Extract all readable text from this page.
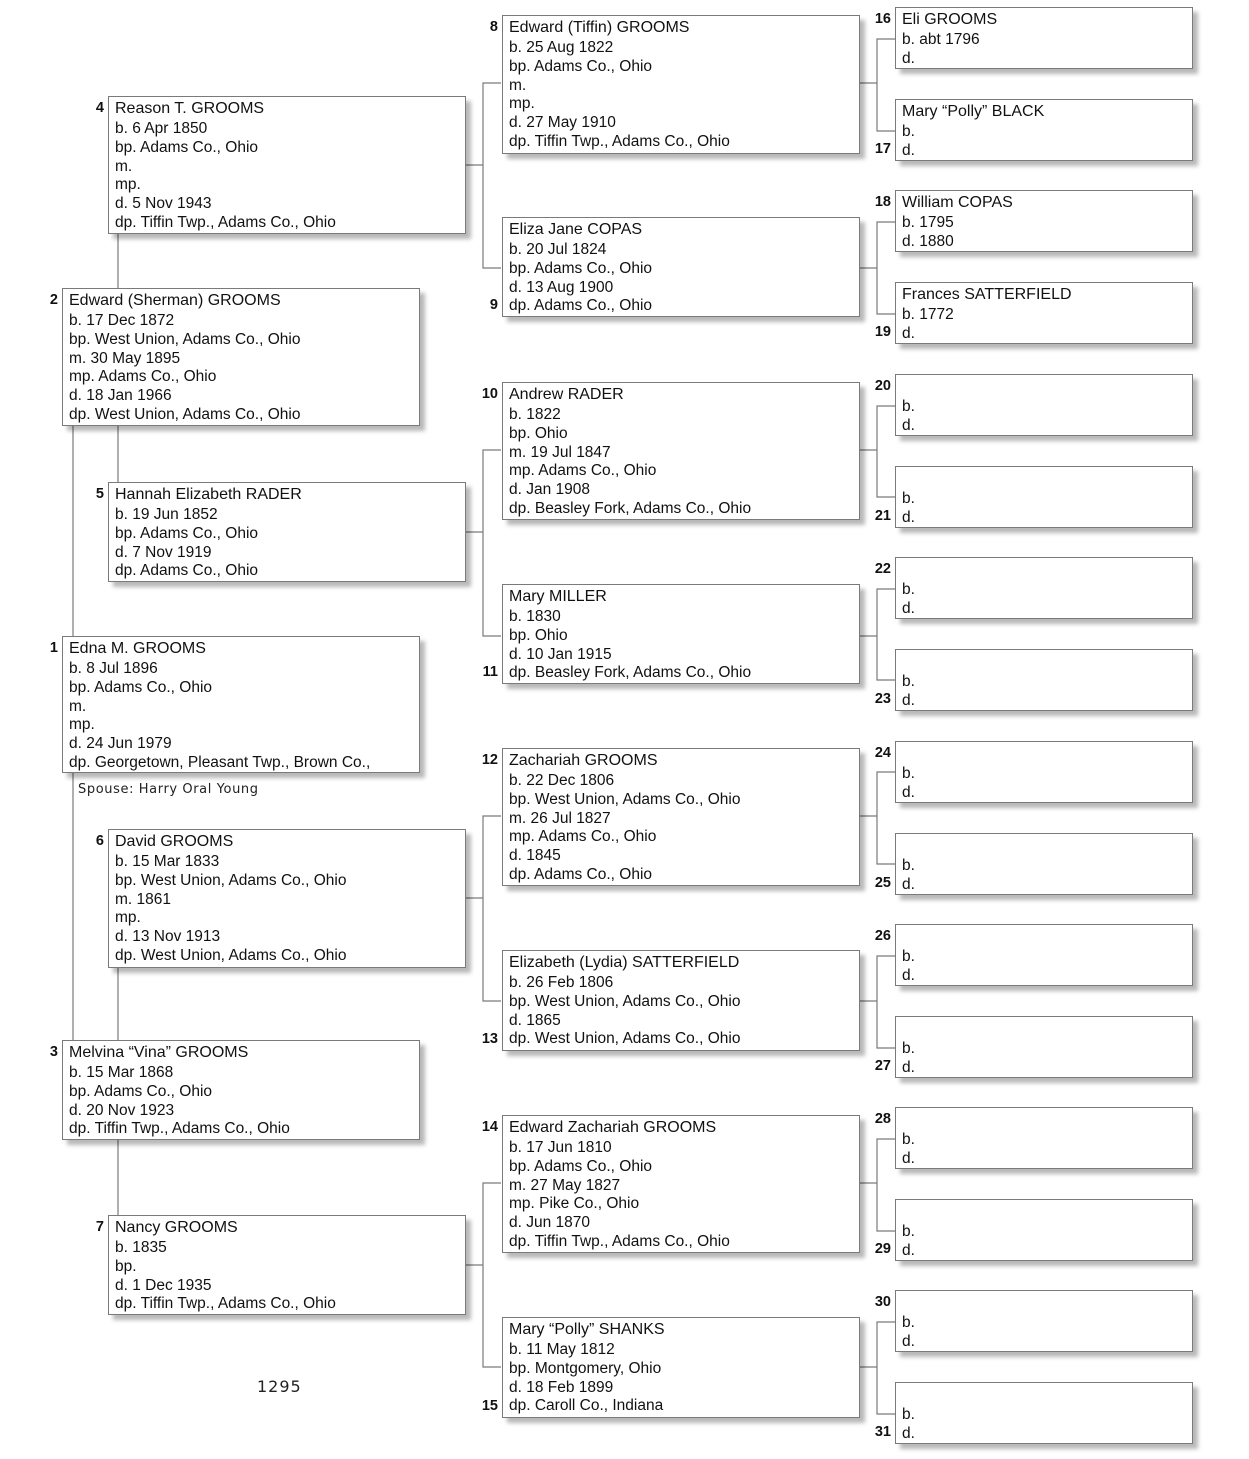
Edna M. GROOMS
b. 8 Jul 1896
bp. Adams Co., Ohio
m.
mp.
d. 24 Jun 1979
dp. Georgetown, Pleasant Twp., Brown Co.,
1
Edward (Sherman) GROOMS
b. 17 Dec 1872
bp. West Union, Adams Co., Ohio
m. 30 May 1895
mp. Adams Co., Ohio
d. 18 Jan 1966
dp. West Union, Adams Co., Ohio
2
Melvina “Vina” GROOMS
b. 15 Mar 1868
bp. Adams Co., Ohio
d. 20 Nov 1923
dp. Tiffin Twp., Adams Co., Ohio
3
Reason T. GROOMS
b. 6 Apr 1850
bp. Adams Co., Ohio
m.
mp.
d. 5 Nov 1943
dp. Tiffin Twp., Adams Co., Ohio
4
Hannah Elizabeth RADER
b. 19 Jun 1852
bp. Adams Co., Ohio
d. 7 Nov 1919
dp. Adams Co., Ohio
5
David GROOMS
b. 15 Mar 1833
bp. West Union, Adams Co., Ohio
m. 1861
mp.
d. 13 Nov 1913
dp. West Union, Adams Co., Ohio
6
Nancy GROOMS
b. 1835
bp.
d. 1 Dec 1935
dp. Tiffin Twp., Adams Co., Ohio
7
Edward (Tiffin) GROOMS
b. 25 Aug 1822
bp. Adams Co., Ohio
m.
mp.
d. 27 May 1910
dp. Tiffin Twp., Adams Co., Ohio
8
Eliza Jane COPAS
b. 20 Jul 1824
bp. Adams Co., Ohio
d. 13 Aug 1900
dp. Adams Co., Ohio
9
Andrew RADER
b. 1822
bp. Ohio
m. 19 Jul 1847
mp. Adams Co., Ohio
d. Jan 1908
dp. Beasley Fork, Adams Co., Ohio
10
Mary MILLER
b. 1830
bp. Ohio
d. 10 Jan 1915
dp. Beasley Fork, Adams Co., Ohio
11
Zachariah GROOMS
b. 22 Dec 1806
bp. West Union, Adams Co., Ohio
m. 26 Jul 1827
mp. Adams Co., Ohio
d. 1845
dp. Adams Co., Ohio
12
Elizabeth (Lydia) SATTERFIELD
b. 26 Feb 1806
bp. West Union, Adams Co., Ohio
d. 1865
dp. West Union, Adams Co., Ohio
13
Edward Zachariah GROOMS
b. 17 Jun 1810
bp. Adams Co., Ohio
m. 27 May 1827
mp. Pike Co., Ohio
d. Jun 1870
dp. Tiffin Twp., Adams Co., Ohio
14
Mary “Polly” SHANKS
b. 11 May 1812
bp. Montgomery, Ohio
d. 18 Feb 1899
dp. Caroll Co., Indiana
15
Eli GROOMS
b. abt 1796
d.
16
Mary “Polly” BLACK
b.
d.
17
William COPAS
b. 1795
d. 1880
18
Frances SATTERFIELD
b. 1772
d.
19

b.
d.
20

b.
d.
21

b.
d.
22

b.
d.
23

b.
d.
24

b.
d.
25

b.
d.
26

b.
d.
27

b.
d.
28

b.
d.
29

b.
d.
30

b.
d.
31
Spouse: Harry Oral Young
1295
